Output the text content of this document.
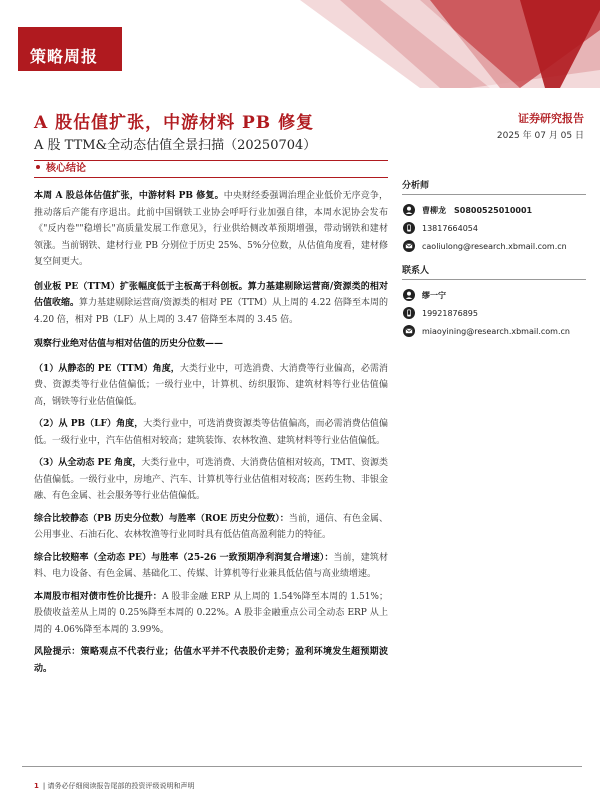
策略周报
A 股估值扩张，中游材料 PB 修复
A 股 TTM&全动态估值全景扫描（20250704）
证券研究报告
2025 年 07 月 05 日
核心结论
本周 A 股总体估值扩张，中游材料 PB 修复。中央财经委强调治理企业低价无序竞争，推动落后产能有序退出。此前中国钢铁工业协会呼吁行业加强自律，本周水泥协会发布《"反内卷""稳增长"高质量发展工作意见》，行业供给侧改革预期增强，带动钢铁和建材领涨。当前钢铁、建材行业 PB 分别位于历史 25%、5%分位数，从估值角度看，建材修复空间更大。
创业板 PE（TTM）扩张幅度低于主板高于科创板。算力基建剔除运营商/资源类的相对估值收缩。算力基建剔除运营商/资源类的相对 PE（TTM）从上周的 4.22 倍降至本周的 4.20 倍，相对 PB（LF）从上周的 3.47 倍降至本周的 3.45 倍。
观察行业绝对估值与相对估值的历史分位数——
（1）从静态的 PE（TTM）角度，大类行业中，可选消费、大消费等行业偏高，必需消费、资源类等行业估值偏低；一级行业中，计算机、纺织服饰、建筑材料等行业估值偏高，钢铁等行业估值偏低。
（2）从 PB（LF）角度，大类行业中，可选消费资源类等估值偏高，而必需消费估值偏低。一级行业中，汽车估值相对较高；建筑装饰、农林牧渔、建筑材料等行业估值偏低。
（3）从全动态 PE 角度，大类行业中，可选消费、大消费估值相对较高，TMT、资源类估值偏低。一级行业中，房地产、汽车、计算机等行业估值相对较高；医药生物、非银金融、有色金属、社会服务等行业估值偏低。
综合比较静态（PB 历史分位数）与胜率（ROE 历史分位数）：当前，通信、有色金属、公用事业、石油石化、农林牧渔等行业同时具有低估值高盈利能力的特征。
综合比较赔率（全动态 PE）与胜率（25-26 一致预期净利润复合增速）：当前，建筑材料、电力设备、有色金属、基础化工、传媒、计算机等行业兼具低估值与高业绩增速。
本周股市相对债市性价比提升：A 股非金融 ERP 从上周的 1.54%降至本周的 1.51%；股债收益差从上周的 0.25%降至本周的 0.22%。A 股非金融重点公司全动态 ERP 从上周的 4.06%降至本周的 3.99%。
风险提示：策略观点不代表行业；估值水平并不代表股价走势；盈利环境发生超预期波动。
分析师
曹柳龙 S0800525010001
13817664054
caoliulong@research.xbmail.com.cn
联系人
缪一宁
19921876895
miaoyining@research.xbmail.com.cn
1 | 请务必仔细阅读报告尾部的投资评级说明和声明
